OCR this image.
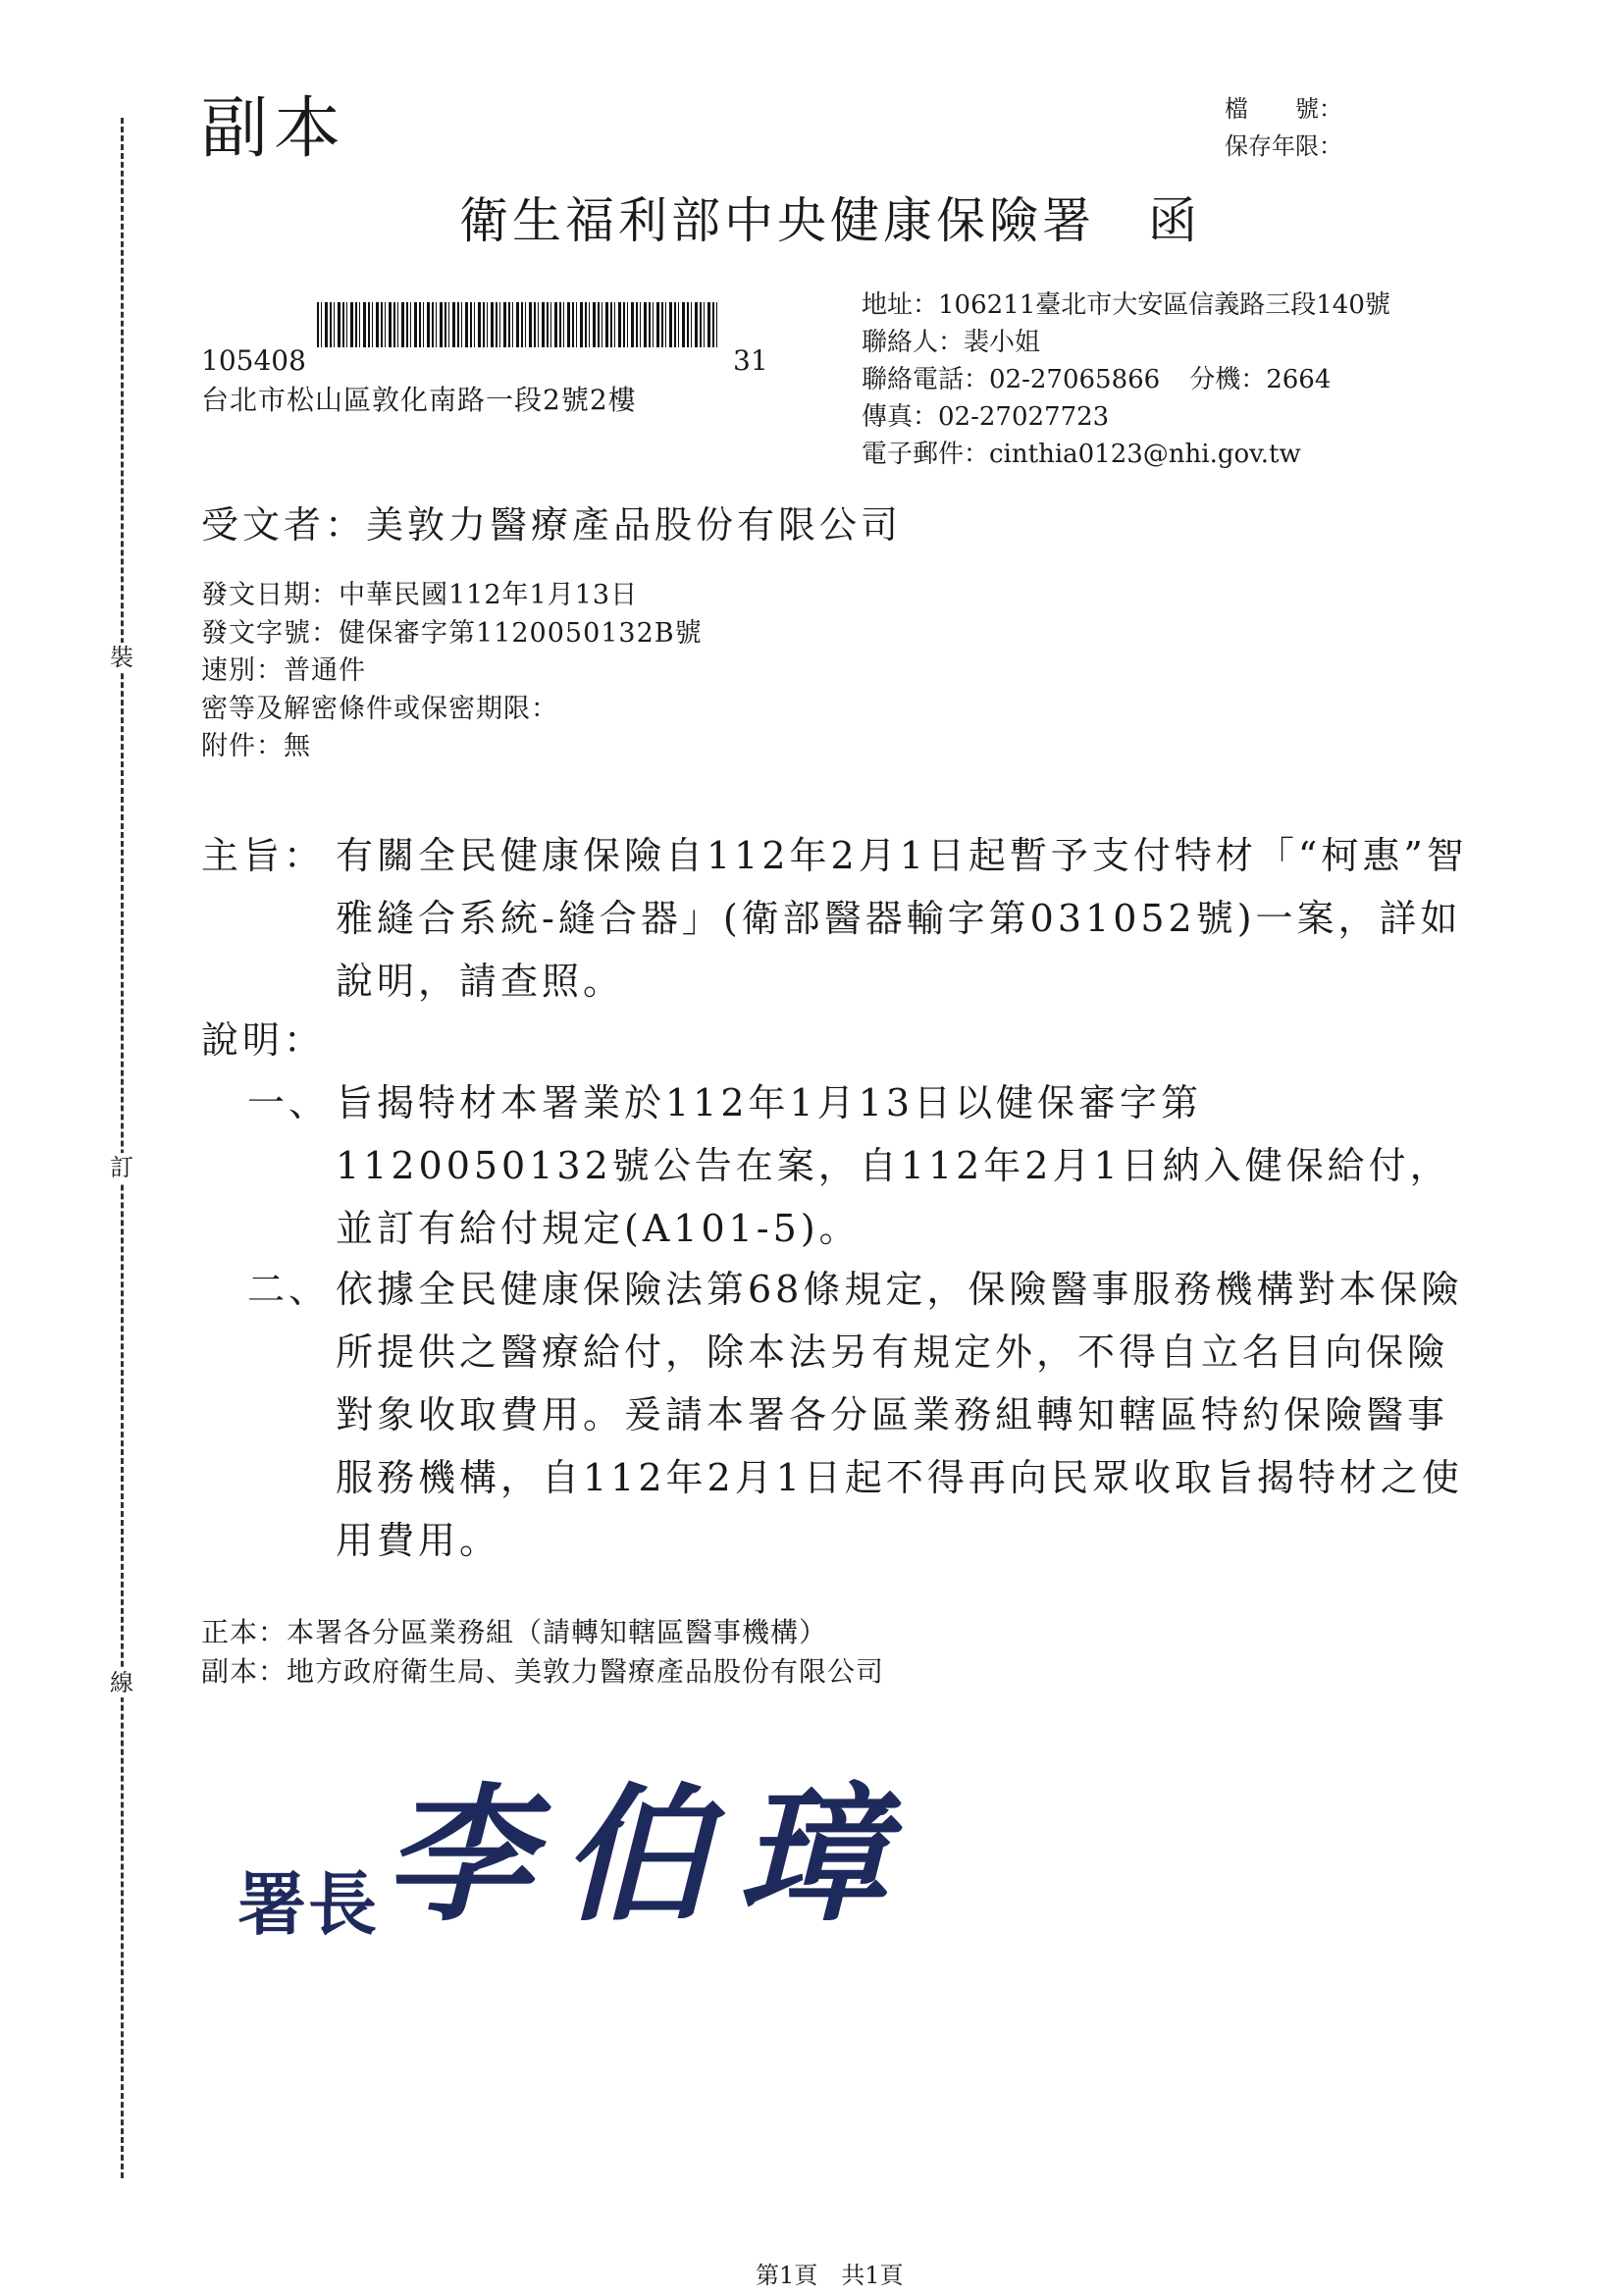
裝
訂
線
副本	檔　　號：
保存年限：
衛生福利部中央健康保險署　函
105408	31
台北市松山區敦化南路一段2號2樓
地址：106211臺北市大安區信義路三段140號
聯絡人：裴小姐
聯絡電話：02-27065866 分機：2664
傳真：02-27027723
電子郵件：cinthia0123@nhi.gov.tw
受文者：美敦力醫療產品股份有限公司
發文日期：中華民國112年1月13日
發文字號：健保審字第1120050132B號
速別：普通件
密等及解密條件或保密期限：
附件：無
主旨： 有關全民健康保險自112年2月1日起暫予支付特材「“柯惠”智雅縫合系統-縫合器」(衛部醫器輸字第031052號)一案，詳如說明，請查照。
說明：
一、 旨揭特材本署業於112年1月13日以健保審字第1120050132號公告在案，自112年2月1日納入健保給付，並訂有給付規定(A101-5)。
二、 依據全民健康保險法第68條規定，保險醫事服務機構對本保險所提供之醫療給付，除本法另有規定外，不得自立名目向保險對象收取費用。爰請本署各分區業務組轉知轄區特約保險醫事服務機構，自112年2月1日起不得再向民眾收取旨揭特材之使用費用。
正本：本署各分區業務組（請轉知轄區醫事機構）
副本：地方政府衛生局、美敦力醫療產品股份有限公司
署長李伯璋
第1頁　共1頁
